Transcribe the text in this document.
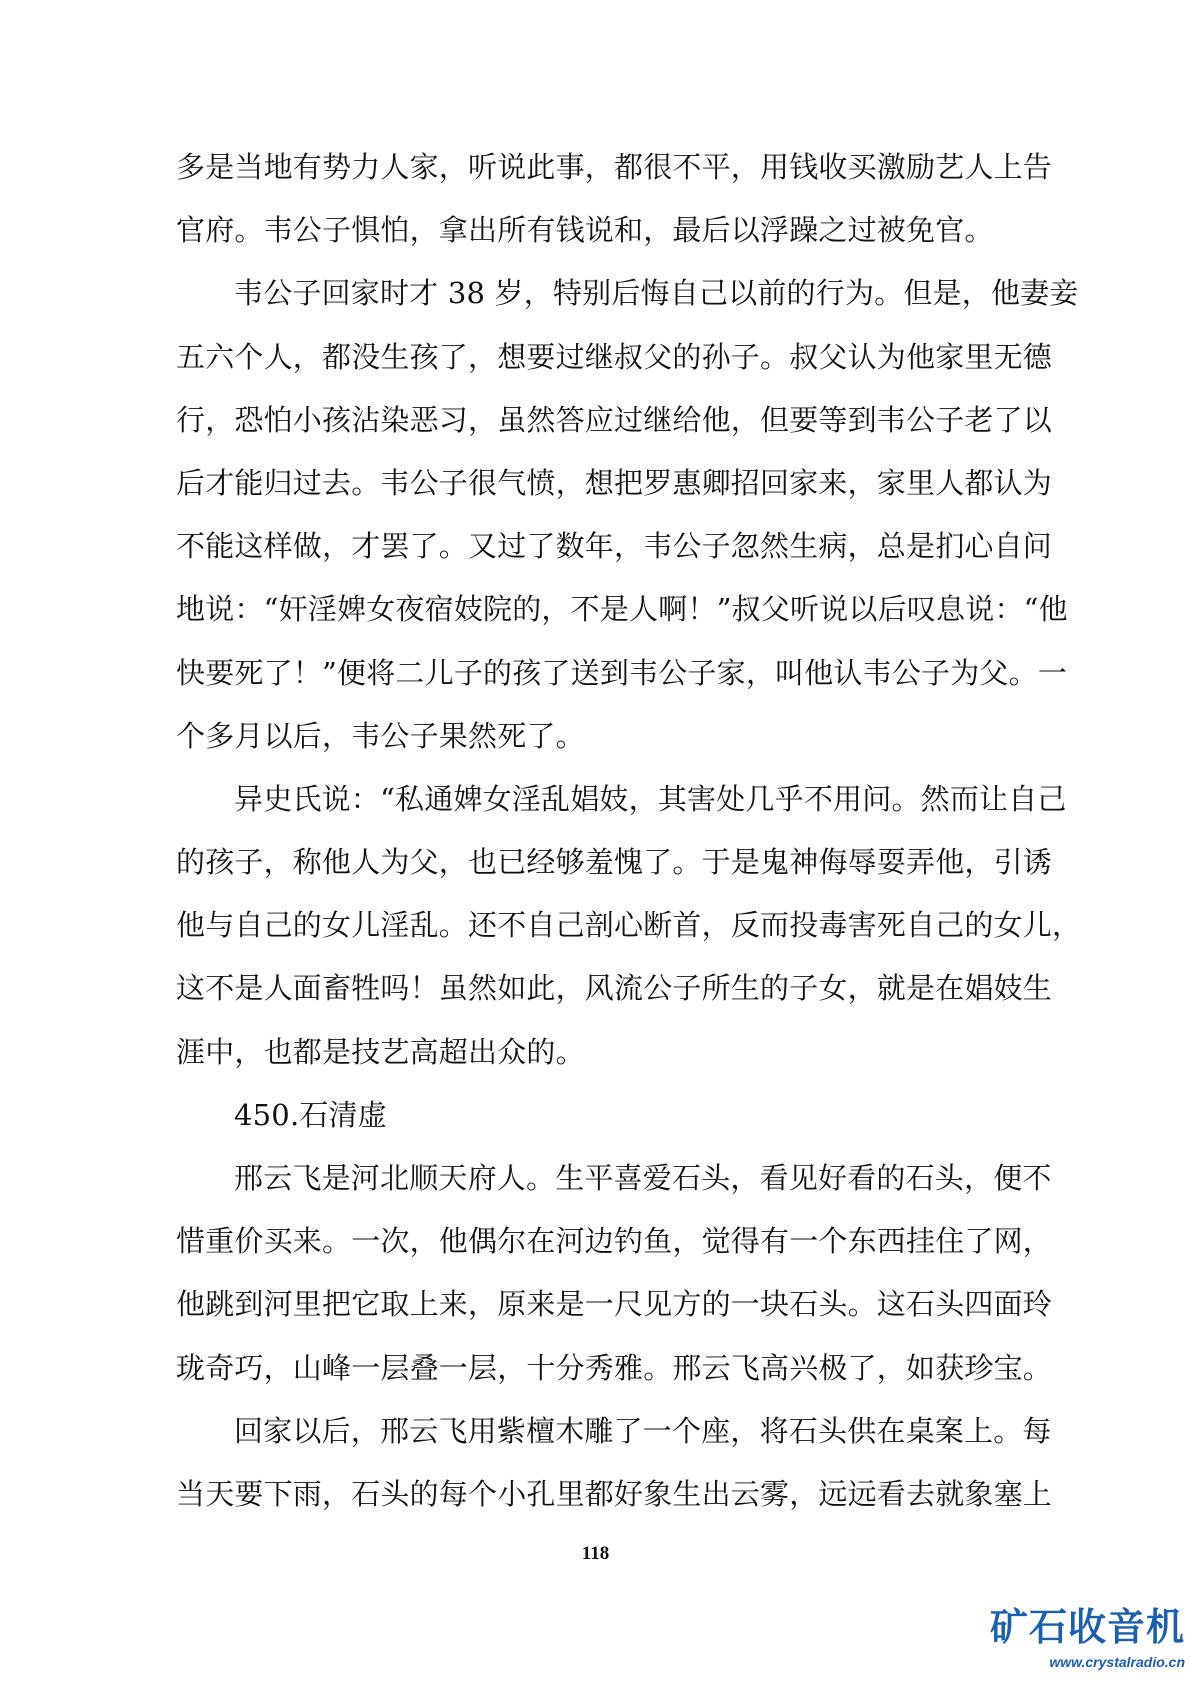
多是当地有势力人家，听说此事，都很不平，用钱收买激励艺人上告
官府。韦公子惧怕，拿出所有钱说和，最后以浮躁之过被免官。
韦公子回家时才 38 岁，特别后悔自己以前的行为。但是，他妻妾
五六个人，都没生孩了，想要过继叔父的孙子。叔父认为他家里无德
行，恐怕小孩沾染恶习，虽然答应过继给他，但要等到韦公子老了以
后才能归过去。韦公子很气愤，想把罗惠卿招回家来，家里人都认为
不能这样做，才罢了。又过了数年，韦公子忽然生病，总是扪心自问
地说：“奸淫婢女夜宿妓院的，不是人啊！”叔父听说以后叹息说：“他
快要死了！”便将二儿子的孩了送到韦公子家，叫他认韦公子为父。一
个多月以后，韦公子果然死了。
异史氏说：“私通婢女淫乱娼妓，其害处几乎不用问。然而让自己
的孩子，称他人为父，也已经够羞愧了。于是鬼神侮辱耍弄他，引诱
他与自己的女儿淫乱。还不自己剖心断首，反而投毒害死自己的女儿，
这不是人面畜牲吗！虽然如此，风流公子所生的子女，就是在娼妓生
涯中，也都是技艺高超出众的。
450.石清虚
邢云飞是河北顺天府人。生平喜爱石头，看见好看的石头，便不
惜重价买来。一次，他偶尔在河边钓鱼，觉得有一个东西挂住了网，
他跳到河里把它取上来，原来是一尺见方的一块石头。这石头四面玲
珑奇巧，山峰一层叠一层，十分秀雅。邢云飞高兴极了，如获珍宝。
回家以后，邢云飞用紫檀木雕了一个座，将石头供在桌案上。每
当天要下雨，石头的每个小孔里都好象生出云雾，远远看去就象塞上
118
矿石收音机
www.crystalradio.cn
